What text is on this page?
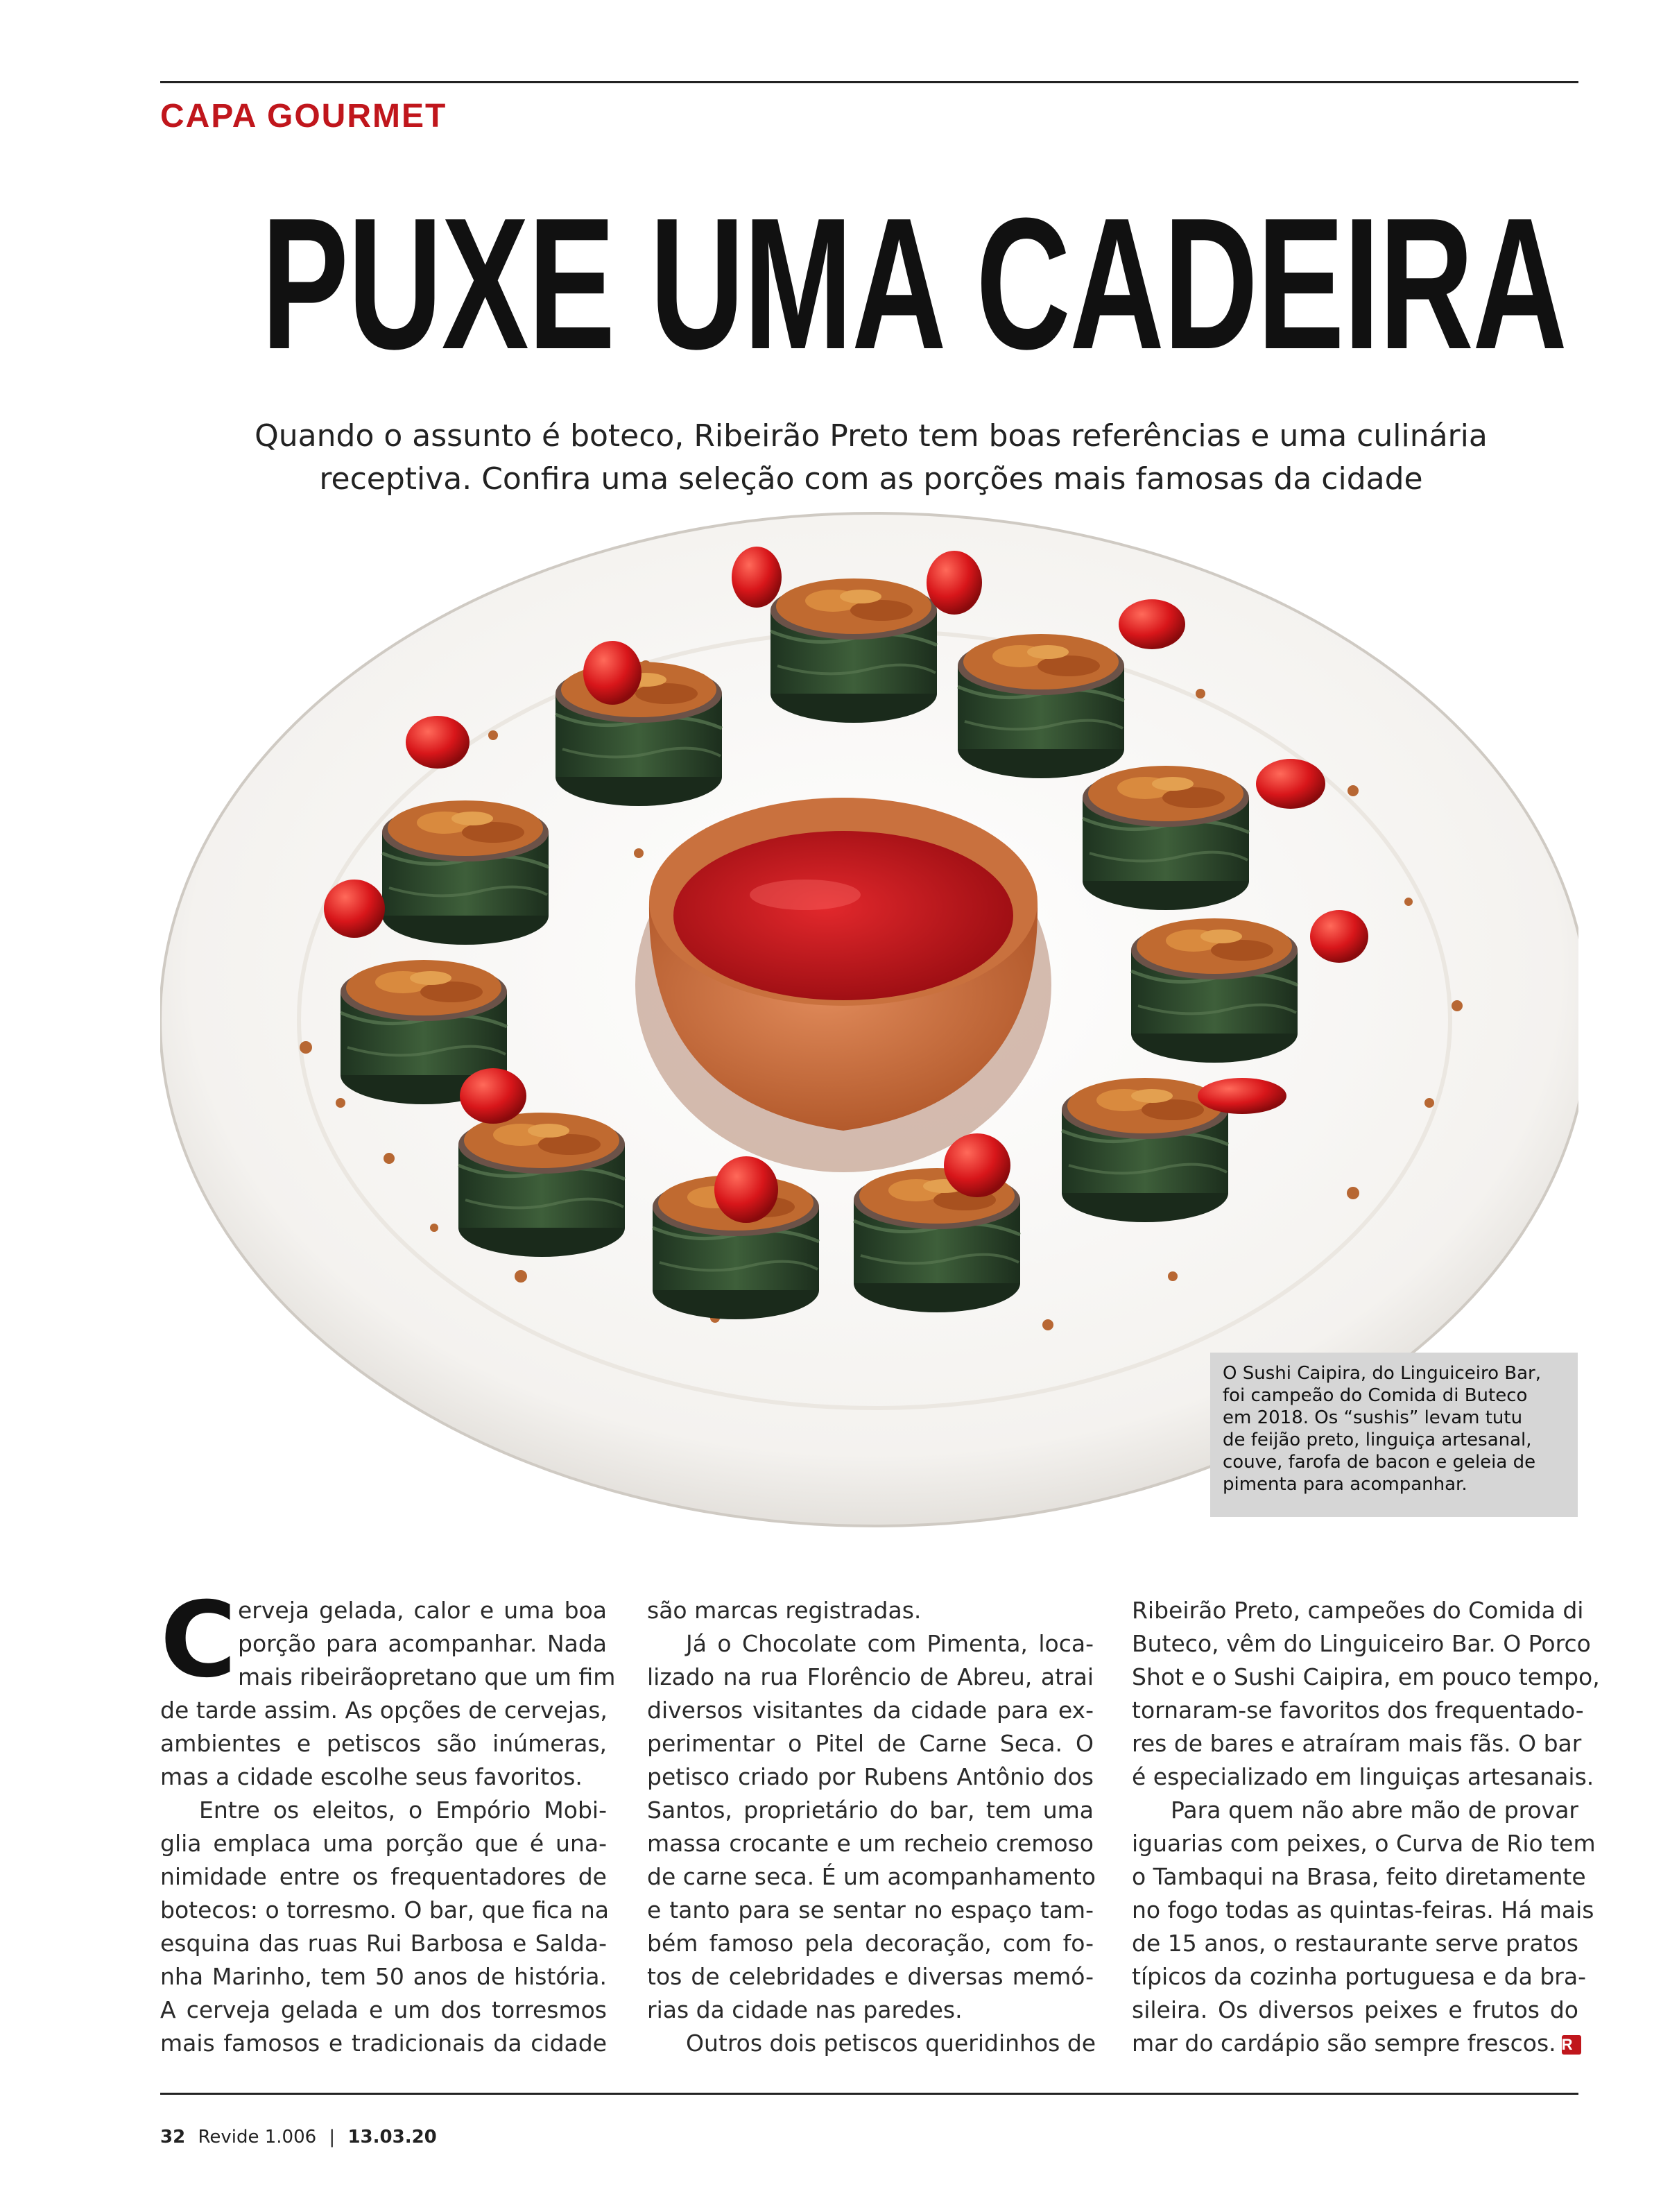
CAPA GOURMET
PUXE UMA CADEIRA
Quando o assunto é boteco, Ribeirão Preto tem boas referências e uma culinária
receptiva. Confira uma seleção com as porções mais famosas da cidade
O Sushi Caipira, do Linguiceiro Bar,
foi campeão do Comida di Buteco
em 2018. Os “sushis” levam tutu
de feijão preto, linguiça artesanal,
couve, farofa de bacon e geleia de
pimenta para acompanhar.
C erveja gelada, calor e uma boa
porção para acompanhar. Nada
mais ribeirãopretano que um fim
de tarde assim. As opções de cervejas,
ambientes e petiscos são inúmeras,
mas a cidade escolhe seus favoritos.
Entre os eleitos, o Empório Mobi-
glia emplaca uma porção que é una-
nimidade entre os frequentadores de
botecos: o torresmo. O bar, que fica na
esquina das ruas Rui Barbosa e Salda-
nha Marinho, tem 50 anos de história.
A cerveja gelada e um dos torresmos
mais famosos e tradicionais da cidade
são marcas registradas.
Já o Chocolate com Pimenta, loca-
lizado na rua Florêncio de Abreu, atrai
diversos visitantes da cidade para ex-
perimentar o Pitel de Carne Seca. O
petisco criado por Rubens Antônio dos
Santos, proprietário do bar, tem uma
massa crocante e um recheio cremoso
de carne seca. É um acompanhamento
e tanto para se sentar no espaço tam-
bém famoso pela decoração, com fo-
tos de celebridades e diversas memó-
rias da cidade nas paredes.
Outros dois petiscos queridinhos de
Ribeirão Preto, campeões do Comida di
Buteco, vêm do Linguiceiro Bar. O Porco
Shot e o Sushi Caipira, em pouco tempo,
tornaram-se favoritos dos frequentado-
res de bares e atraíram mais fãs. O bar
é especializado em linguiças artesanais.
Para quem não abre mão de provar
iguarias com peixes, o Curva de Rio tem
o Tambaqui na Brasa, feito diretamente
no fogo todas as quintas-feiras. Há mais
de 15 anos, o restaurante serve pratos
típicos da cozinha portuguesa e da bra-
sileira. Os diversos peixes e frutos do
mar do cardápio são sempre frescos. R
32 Revide 1.006 | 13.03.20
